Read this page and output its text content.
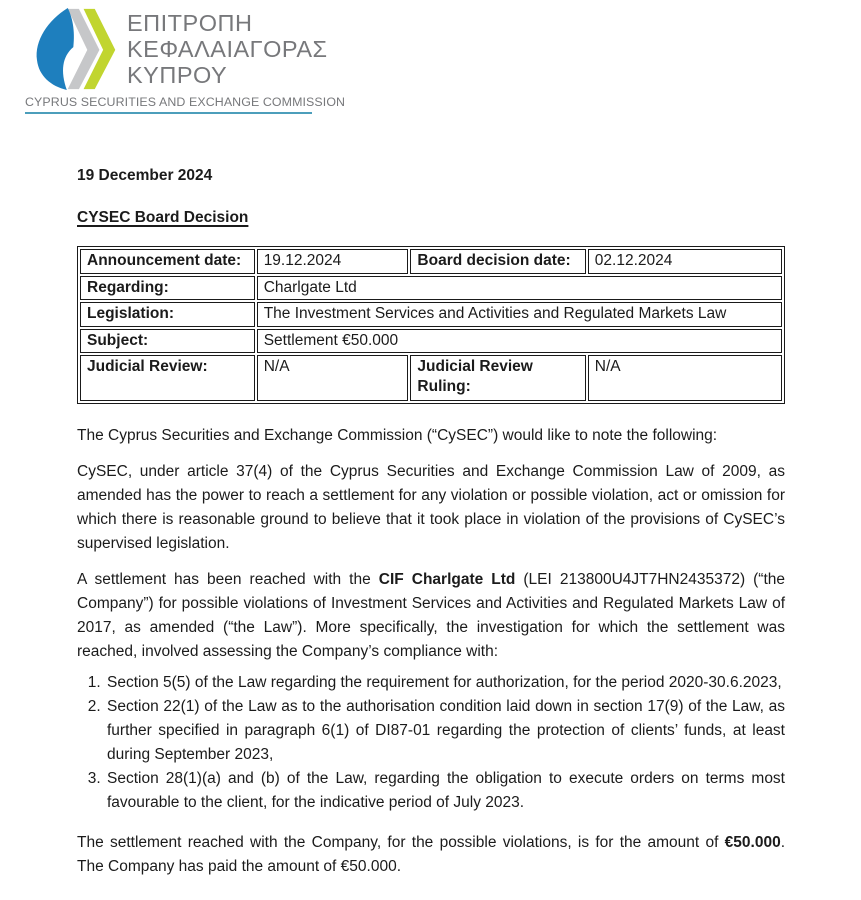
ΕΠΙΤΡΟΠΗ
ΚΕΦΑΛΑΙΑΓΟΡΑΣ
ΚΥΠΡΟΥ
CYPRUS SECURITIES AND EXCHANGE COMMISSION
19 December 2024
CYSEC Board Decision
Announcement date:	19.12.2024	Board decision date:	02.12.2024
Regarding:	Charlgate Ltd		
Legislation:	The Investment Services and Activities and Regulated Markets Law		
Subject:	Settlement €50.000		
Judicial Review:	N/A	Judicial Review Ruling:	N/A

The Cyprus Securities and Exchange Commission (“CySEC”) would like to note the following:

CySEC, under article 37(4) of the Cyprus Securities and Exchange Commission Law of 2009, as amended has the power to reach a settlement for any violation or possible violation, act or omission for which there is reasonable ground to believe that it took place in violation of the provisions of CySEC’s supervised legislation.

A settlement has been reached with the CIF Charlgate Ltd (LEI 213800U4JT7HN2435372) (“the Company”) for possible violations of Investment Services and Activities and Regulated Markets Law of 2017, as amended (“the Law”). More specifically, the investigation for which the settlement was reached, involved assessing the Company’s compliance with:

1. Section 5(5) of the Law regarding the requirement for authorization, for the period 2020-30.6.2023,
2. Section 22(1) of the Law as to the authorisation condition laid down in section 17(9) of the Law, as further specified in paragraph 6(1) of DI87-01 regarding the protection of clients’ funds, at least during September 2023,
3. Section 28(1)(a) and (b) of the Law, regarding the obligation to execute orders on terms most favourable to the client, for the indicative period of July 2023.

The settlement reached with the Company, for the possible violations, is for the amount of €50.000. The Company has paid the amount of €50.000.
